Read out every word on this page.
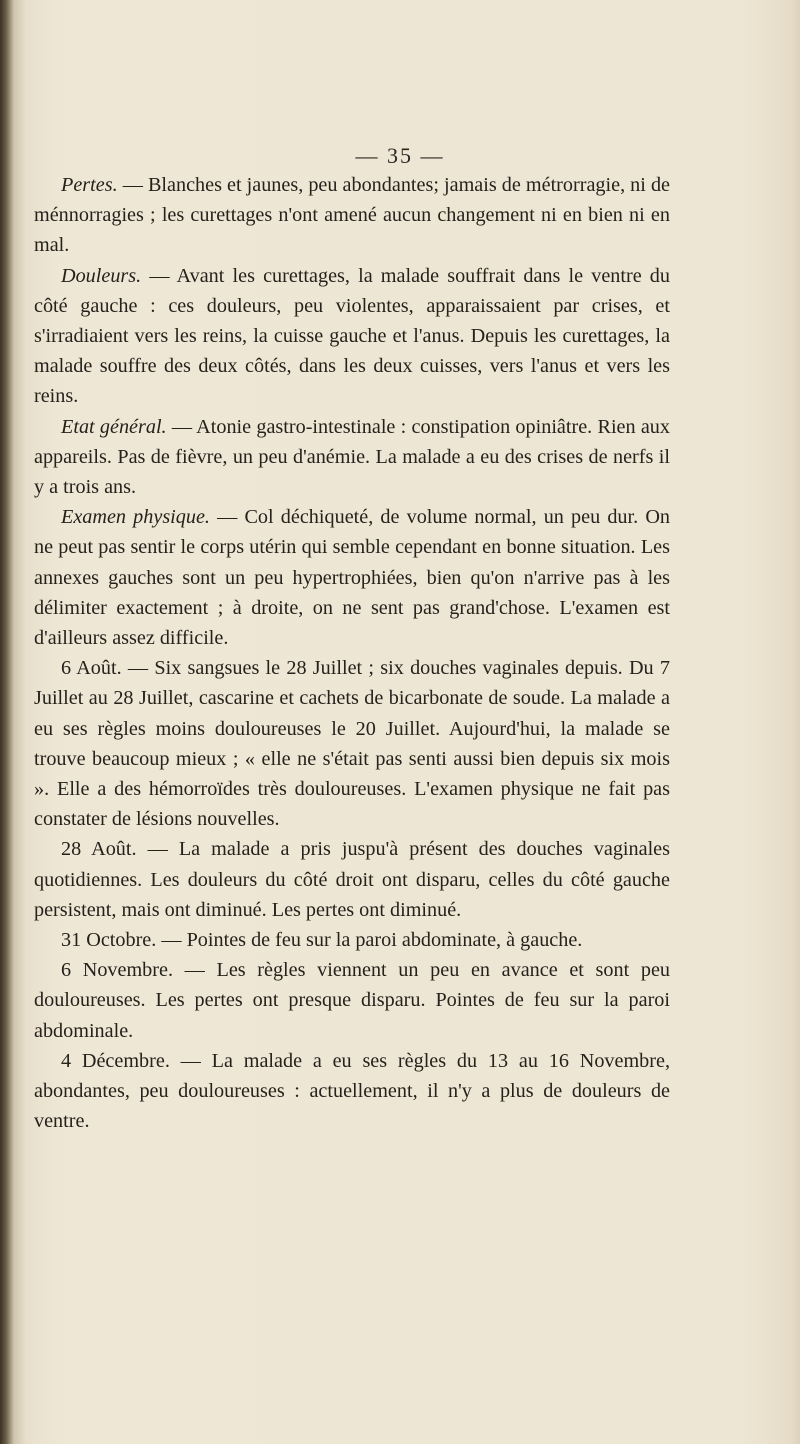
— 35 —

Pertes. — Blanches et jaunes, peu abondantes; jamais de métrorragie, ni de ménnorragies ; les curettages n'ont amené aucun changement ni en bien ni en mal.

Douleurs. — Avant les curettages, la malade souffrait dans le ventre du côté gauche : ces douleurs, peu violentes, apparaissaient par crises, et s'irradiaient vers les reins, la cuisse gauche et l'anus. Depuis les curettages, la malade souffre des deux côtés, dans les deux cuisses, vers l'anus et vers les reins.

Etat général. — Atonie gastro-intestinale : constipation opiniâtre. Rien aux appareils. Pas de fièvre, un peu d'anémie. La malade a eu des crises de nerfs il y a trois ans.

Examen physique. — Col déchiqueté, de volume normal, un peu dur. On ne peut pas sentir le corps utérin qui semble cependant en bonne situation. Les annexes gauches sont un peu hypertrophiées, bien qu'on n'arrive pas à les délimiter exactement ; à droite, on ne sent pas grand'chose. L'examen est d'ailleurs assez difficile.

6 Août. — Six sangsues le 28 Juillet ; six douches vaginales depuis. Du 7 Juillet au 28 Juillet, cascarine et cachets de bicarbonate de soude. La malade a eu ses règles moins douloureuses le 20 Juillet. Aujourd'hui, la malade se trouve beaucoup mieux ; « elle ne s'était pas senti aussi bien depuis six mois ». Elle a des hémorroïdes très douloureuses. L'examen physique ne fait pas constater de lésions nouvelles.

28 Août. — La malade a pris juspu'à présent des douches vaginales quotidiennes. Les douleurs du côté droit ont disparu, celles du côté gauche persistent, mais ont diminué. Les pertes ont diminué.

31 Octobre. — Pointes de feu sur la paroi abdominate, à gauche.

6 Novembre. — Les règles viennent un peu en avance et sont peu douloureuses. Les pertes ont presque disparu. Pointes de feu sur la paroi abdominale.

4 Décembre. — La malade a eu ses règles du 13 au 16 Novembre, abondantes, peu douloureuses : actuellement, il n'y a plus de douleurs de ventre.
